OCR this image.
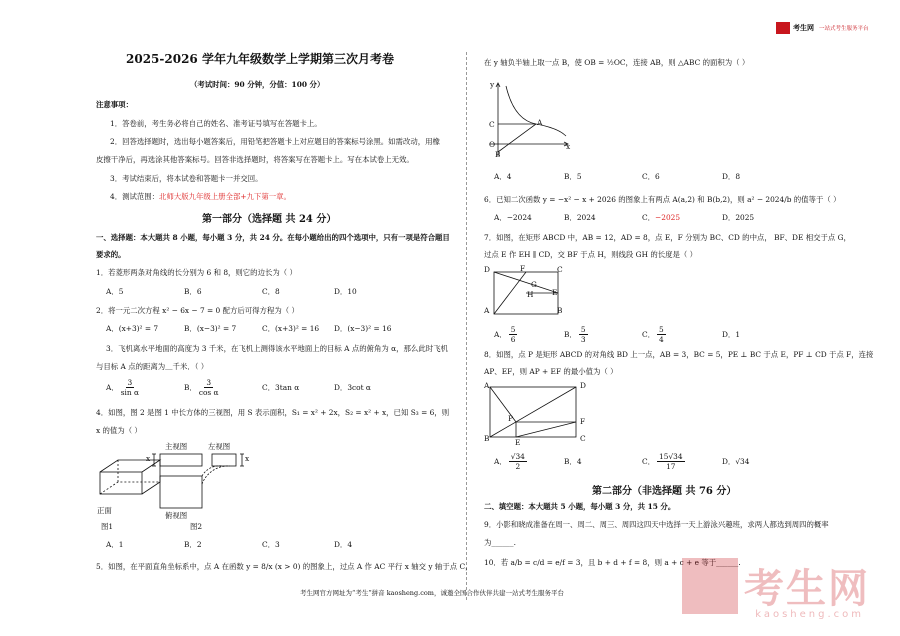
考生网 一站式考生服务平台
2025-2026 学年九年级数学上学期第三次月考卷
（考试时间：90 分钟，分值：100 分）
注意事项：
1．答卷前，考生务必将自己的姓名、准考证号填写在答题卡上。
2．回答选择题时，选出每小题答案后，用铅笔把答题卡上对应题目的答案标号涂黑。如需改动，用橡
皮擦干净后，再选涂其他答案标号。回答非选择题时，将答案写在答题卡上。写在本试卷上无效。
3．考试结束后，将本试卷和答题卡一并交回。
4．测试范围：北师大版九年级上册全部+九下第一章。
第一部分（选择题 共 24 分）
一、选择题：本大题共 8 小题，每小题 3 分，共 24 分。在每小题给出的四个选项中，只有一项是符合题目
要求的。
1．若菱形两条对角线的长分别为 6 和 8，则它的边长为（ ）
A．5	B．6	C．8	D．10
2．将一元二次方程 x² − 6x − 7 = 0 配方后可得方程为（ ）
A．(x+3)² = 7	B．(x−3)² = 7	C．(x+3)² = 16 D．(x−3)² = 16
3．飞机离水平地面的高度为 3 千米，在飞机上测得该水平地面上的目标 A 点的俯角为 α，那么此时飞机
与目标 A 点的距离为＿千米．（ ）
A． $\frac{3}{\text{sin α}}$	B． $\frac{3}{\text{cos α}}$	C．3tan α	D．3cot α
4．如图，图 2 是图 1 中长方体的三视图，用 S 表示面积，S₁ = x² + 2x，S₂ = x² + x，已知 S₃ = 6，则
x 的值为（ ）
正面
图1
主视图	左视图
x	x
俯视图
图2
A．1	B．2	C．3	D．4
5．如图，在平面直角坐标系中，点 A 在函数 y = 8/x (x > 0) 的图象上，过点 A 作 AC 平行 x 轴交 y 轴于点 C，
在 y 轴负半轴上取一点 B，使 OB = ½OC，连接 AB，则 △ABC 的面积为（ ）
y
x
C	A
O
B
A．4	B．5	C．6	D．8
6．已知二次函数 y = −x² − x + 2026 的图象上有两点 A(a,2) 和 B(b,2)，则 a² − 2024/b 的值等于（ ）
A．−2024	B．2024	C．−2025	D．2025
7．如图，在矩形 ABCD 中，AB = 12，AD = 8，点 E，F 分别为 BC、CD 的中点， BF、DE 相交于点 G，
过点 E 作 EH ∥ CD，交 BF 于点 H，则线段 GH 的长度是（ ）
D	F	C
G
H	E
A	B
A． $\frac{5}{6}$	B． $\frac{5}{3}$	C． $\frac{5}{4}$	D．1
8．如图，点 P 是矩形 ABCD 的对角线 BD 上一点，AB = 3，BC = 5，PE ⊥ BC 于点 E，PF ⊥ CD 于点 F，连接
AP、EF，则 AP + EF 的最小值为（ ）
A	D
P	F
B	E	C
A． $\frac{√34}{2}$	B．4	C． $\frac{15√34}{17}$	D．√34
第二部分（非选择题 共 76 分）
二、填空题：本大题共 5 小题，每小题 3 分，共 15 分。
9．小影和晓成准备在周一、周二、周三、周四这四天中选择一天上游泳兴趣班，求两人都选到周四的概率
为______.
10．若 a/b = c/d = e/f = 3，且 b + d + f = 8，则 a + c + e 等于______.
考生网
kaosheng.com
考生网官方网址为“考生”拼音 kaosheng.com，诚邀全国合作伙伴共建一站式考生服务平台
